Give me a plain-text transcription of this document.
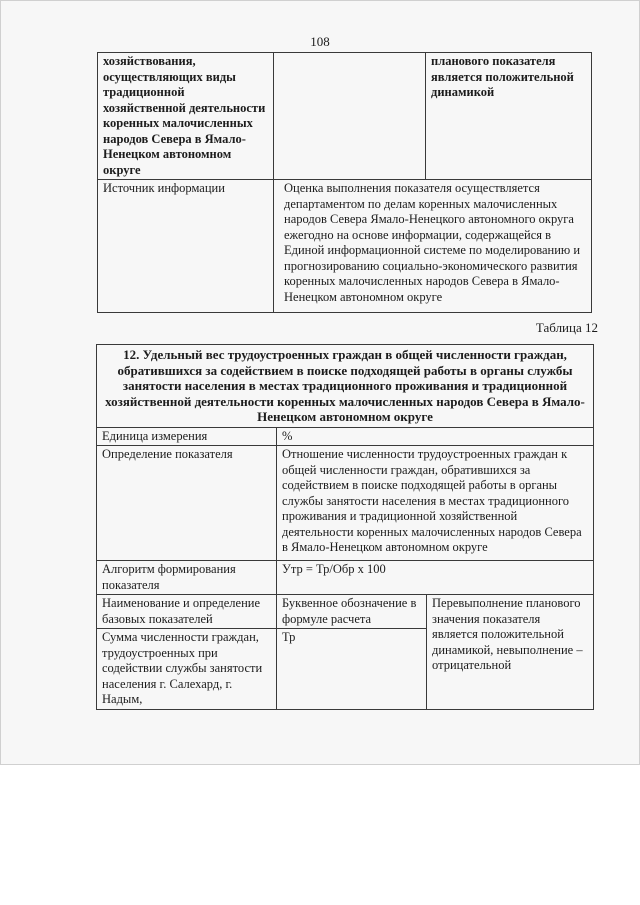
108
хозяйствования, осуществляющих виды традиционной хозяйственной деятельности коренных малочисленных народов Севера в Ямало-Ненецком автономном округе		планового показателя является положительной динамикой
Источник информации	Оценка выполнения показателя осуществляется департаментом по делам коренных малочисленных народов Севера Ямало-Ненецкого автономного округа ежегодно на основе информации, содержащейся в Единой информационной системе по моделированию и прогнозированию социально-экономического развития коренных малочисленных народов Севера в Ямало-Ненецком автономном округе	
Таблица 12
12. Удельный вес трудоустроенных граждан в общей численности граждан, обратившихся за содействием в поиске подходящей работы в органы службы занятости населения в местах традиционного проживания и традиционной хозяйственной деятельности коренных малочисленных народов Севера в Ямало-Ненецком автономном округе		
Единица измерения	%	
Определение показателя	Отношение численности трудоустроенных граждан к общей численности граждан, обратившихся за содействием в поиске подходящей работы в органы службы занятости населения в местах традиционного проживания и традиционной хозяйственной деятельности коренных малочисленных народов Севера в Ямало-Ненецком автономном округе	
Алгоритм формирования показателя	Утр = Тр/Обр х 100	
Наименование и определение базовых показателей	Буквенное обозначение в формуле расчета	Перевыполнение планового значения показателя является положительной динамикой, невыполнение – отрицательной
Сумма численности граждан, трудоустроенных при содействии службы занятости населения г. Салехард, г. Надым,	Тр	
